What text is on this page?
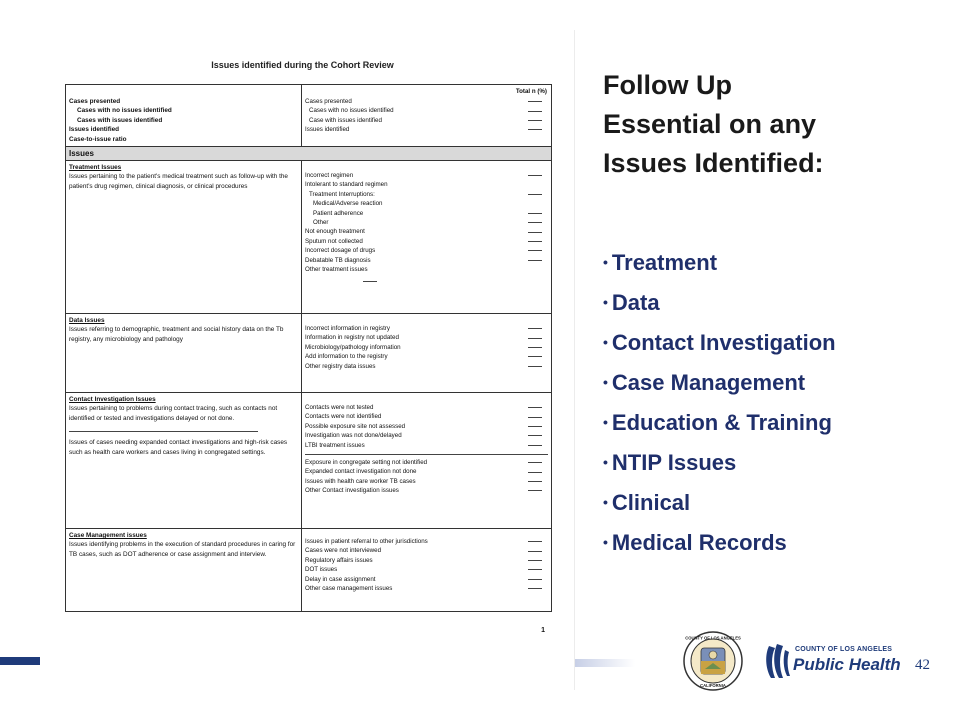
Issues identified during the Cohort Review
Cases presented
Cases with no issues identified
Cases with issues identified
Issues identified
Case-to-issue ratio
Total n (%)
Cases presented
Cases with no issues identified
Case with issues identified
Issues identified
Issues
Treatment Issues
Issues pertaining to the patient's medical treatment such as follow-up with the patient's drug regimen, clinical diagnosis, or clinical procedures
Incorrect regimen
Intolerant to standard regimen
Treatment Interruptions:
Medical/Adverse reaction
Patient adherence
Other
Not enough treatment
Sputum not collected
Incorrect dosage of drugs
Debatable TB diagnosis
Other treatment issues
Data Issues
Issues referring to demographic, treatment and social history data on the Tb registry, any microbiology and pathology
Incorrect information in registry
Information in registry not updated
Microbiology/pathology information
Add information to the registry
Other registry data issues
Contact Investigation Issues
Issues pertaining to problems during contact tracing, such as contacts not identified or tested and investigations delayed or not done.
Issues of cases needing expanded contact investigations and high-risk cases such as health care workers and cases living in congregated settings.
Contacts were not tested
Contacts were not identified
Possible exposure site not assessed
Investigation was not done/delayed
LTBI treatment issues
Exposure in congregate setting not identified
Expanded contact investigation not done
Issues with health care worker TB cases
Other Contact investigation issues
Case Management issues
Issues identifying problems in the execution of standard procedures in caring for TB cases, such as DOT adherence or case assignment and interview.
Issues in patient referral to other jurisdictions
Cases were not interviewed
Regulatory affairs issues
DOT issues
Delay in case assignment
Other case management issues
1
Follow Up
Essential on any
Issues Identified:
• Treatment
• Data
• Contact Investigation
• Case Management
• Education & Training
• NTIP Issues
• Clinical
• Medical Records
COUNTY OF LOS ANGELES
CALIFORNIA
COUNTY OF LOS ANGELES
Public Health 42
